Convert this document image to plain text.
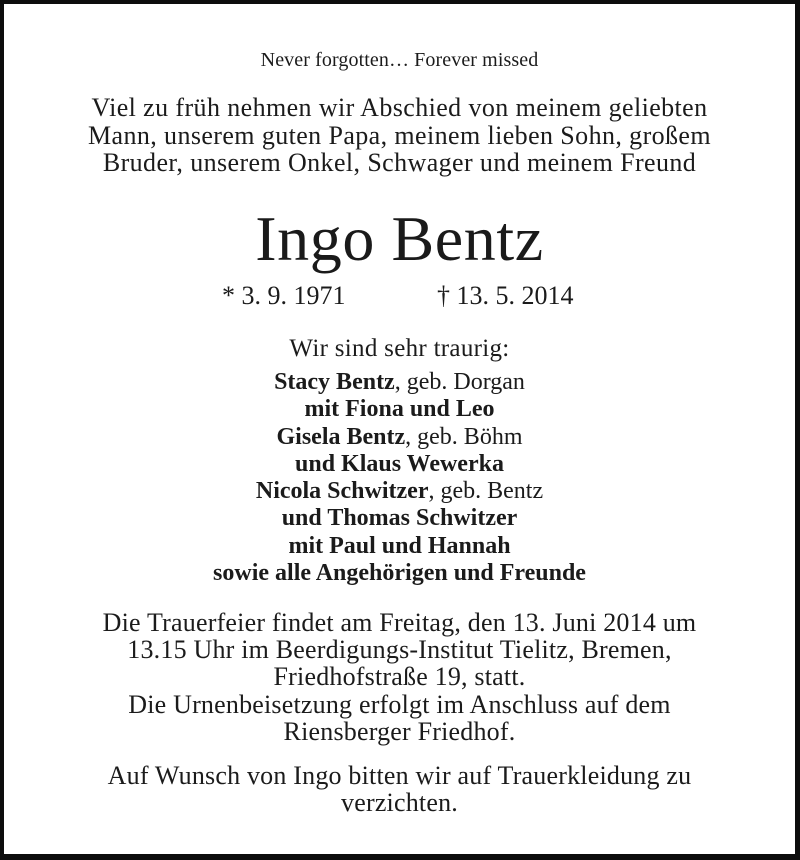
Never forgotten… Forever missed
Viel zu früh nehmen wir Abschied von meinem geliebten
Mann, unserem guten Papa, meinem lieben Sohn, großem
Bruder, unserem Onkel, Schwager und meinem Freund
Ingo Bentz
* 3. 9. 1971	† 13. 5. 2014
Wir sind sehr traurig:
Stacy Bentz, geb. Dorgan
mit Fiona und Leo
Gisela Bentz, geb. Böhm
und Klaus Wewerka
Nicola Schwitzer, geb. Bentz
und Thomas Schwitzer
mit Paul und Hannah
sowie alle Angehörigen und Freunde
Die Trauerfeier findet am Freitag, den 13. Juni 2014 um
13.15 Uhr im Beerdigungs-Institut Tielitz, Bremen,
Friedhofstraße 19, statt.
Die Urnenbeisetzung erfolgt im Anschluss auf dem
Riensberger Friedhof.
Auf Wunsch von Ingo bitten wir auf Trauerkleidung zu
verzichten.
